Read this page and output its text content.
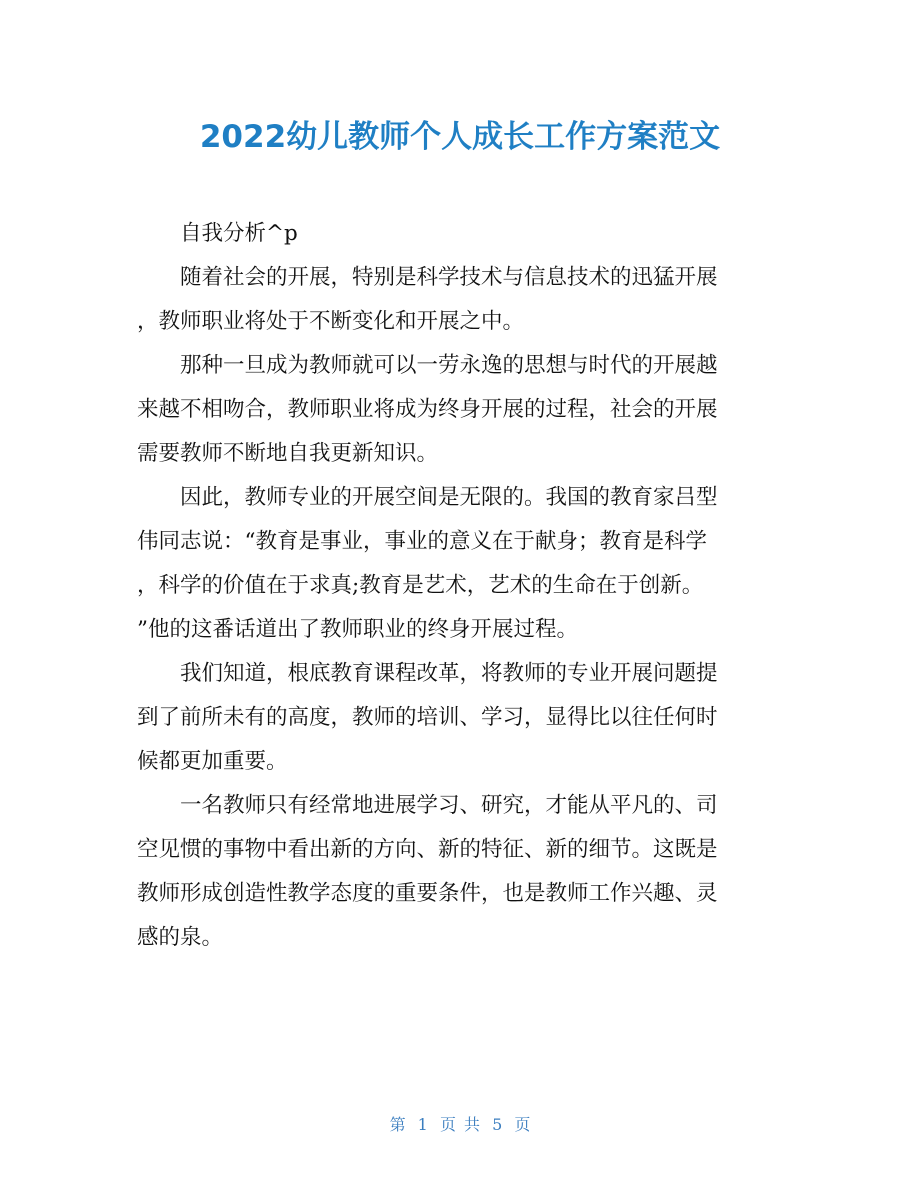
2022幼儿教师个人成长工作方案范文

　　自我分析^p

　　随着社会的开展，特别是科学技术与信息技术的迅猛开展
，教师职业将处于不断变化和开展之中。

　　那种一旦成为教师就可以一劳永逸的思想与时代的开展越
来越不相吻合，教师职业将成为终身开展的过程，社会的开展
需要教师不断地自我更新知识。

　　因此，教师专业的开展空间是无限的。我国的教育家吕型
伟同志说：“教育是事业，事业的意义在于献身；教育是科学
，科学的价值在于求真;教育是艺术，艺术的生命在于创新。
”他的这番话道出了教师职业的终身开展过程。

　　我们知道，根底教育课程改革，将教师的专业开展问题提
到了前所未有的高度，教师的培训、学习，显得比以往任何时
候都更加重要。

　　一名教师只有经常地进展学习、研究，才能从平凡的、司
空见惯的事物中看出新的方向、新的特征、新的细节。这既是
教师形成创造性教学态度的重要条件，也是教师工作兴趣、灵
感的泉。

第 1 页 共 5 页
